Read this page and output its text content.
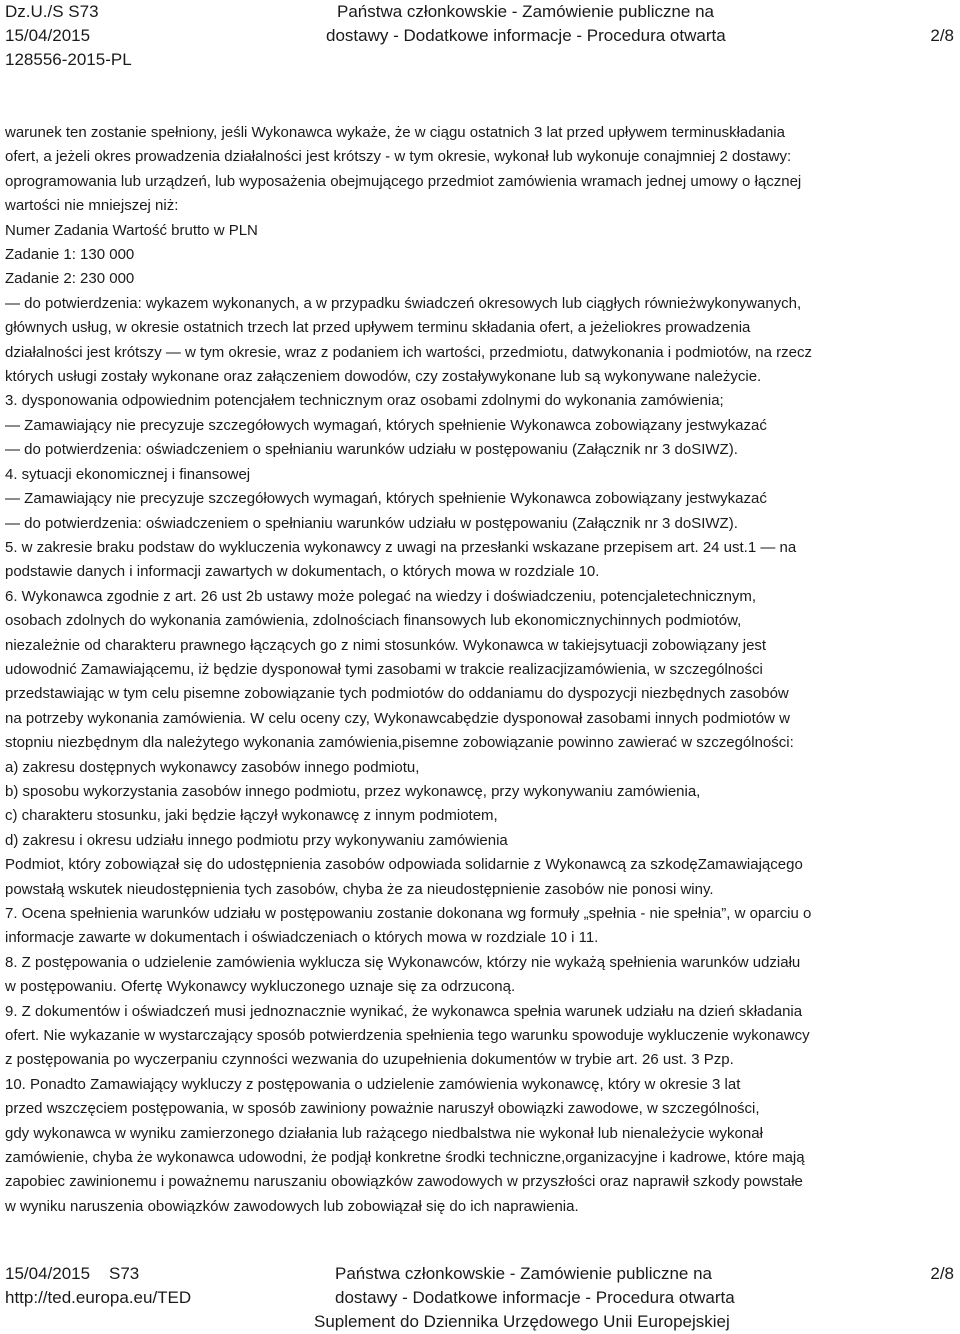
Dz.U./S S73
15/04/2015
128556-2015-PL
Państwa członkowskie - Zamówienie publiczne na
dostawy - Dodatkowe informacje - Procedura otwarta	2/8

warunek ten zostanie spełniony, jeśli Wykonawca wykaże, że w ciągu ostatnich 3 lat przed upływem terminuskładania

ofert, a jeżeli okres prowadzenia działalności jest krótszy - w tym okresie, wykonał lub wykonuje conajmniej 2 dostawy:

oprogramowania lub urządzeń, lub wyposażenia obejmującego przedmiot zamówienia wramach jednej umowy o łącznej

wartości nie mniejszej niż:

Numer Zadania Wartość brutto w PLN

Zadanie 1: 130 000

Zadanie 2: 230 000

— do potwierdzenia: wykazem wykonanych, a w przypadku świadczeń okresowych lub ciągłych równieżwykonywanych,

głównych usług, w okresie ostatnich trzech lat przed upływem terminu składania ofert, a jeżeliokres prowadzenia

działalności jest krótszy — w tym okresie, wraz z podaniem ich wartości, przedmiotu, datwykonania i podmiotów, na rzecz

których usługi zostały wykonane oraz załączeniem dowodów, czy zostaływykonane lub są wykonywane należycie.

3. dysponowania odpowiednim potencjałem technicznym oraz osobami zdolnymi do wykonania zamówienia;

— Zamawiający nie precyzuje szczegółowych wymagań, których spełnienie Wykonawca zobowiązany jestwykazać

— do potwierdzenia: oświadczeniem o spełnianiu warunków udziału w postępowaniu (Załącznik nr 3 doSIWZ).

4. sytuacji ekonomicznej i finansowej

— Zamawiający nie precyzuje szczegółowych wymagań, których spełnienie Wykonawca zobowiązany jestwykazać

— do potwierdzenia: oświadczeniem o spełnianiu warunków udziału w postępowaniu (Załącznik nr 3 doSIWZ).

5. w zakresie braku podstaw do wykluczenia wykonawcy z uwagi na przesłanki wskazane przepisem art. 24 ust.1 — na

podstawie danych i informacji zawartych w dokumentach, o których mowa w rozdziale 10.

6. Wykonawca zgodnie z art. 26 ust 2b ustawy może polegać na wiedzy i doświadczeniu, potencjaletechnicznym,

osobach zdolnych do wykonania zamówienia, zdolnościach finansowych lub ekonomicznychinnych podmiotów,

niezależnie od charakteru prawnego łączących go z nimi stosunków. Wykonawca w takiejsytuacji zobowiązany jest

udowodnić Zamawiającemu, iż będzie dysponował tymi zasobami w trakcie realizacjizamówienia, w szczególności

przedstawiając w tym celu pisemne zobowiązanie tych podmiotów do oddaniamu do dyspozycji niezbędnych zasobów

na potrzeby wykonania zamówienia. W celu oceny czy, Wykonawcabędzie dysponował zasobami innych podmiotów w

stopniu niezbędnym dla należytego wykonania zamówienia,pisemne zobowiązanie powinno zawierać w szczególności:

a) zakresu dostępnych wykonawcy zasobów innego podmiotu,

b) sposobu wykorzystania zasobów innego podmiotu, przez wykonawcę, przy wykonywaniu zamówienia,

c) charakteru stosunku, jaki będzie łączył wykonawcę z innym podmiotem,

d) zakresu i okresu udziału innego podmiotu przy wykonywaniu zamówienia

Podmiot, który zobowiązał się do udostępnienia zasobów odpowiada solidarnie z Wykonawcą za szkodęZamawiającego

powstałą wskutek nieudostępnienia tych zasobów, chyba że za nieudostępnienie zasobów nie ponosi winy.

7. Ocena spełnienia warunków udziału w postępowaniu zostanie dokonana wg formuły „spełnia - nie spełnia”, w oparciu o

informacje zawarte w dokumentach i oświadczeniach o których mowa w rozdziale 10 i 11.

8. Z postępowania o udzielenie zamówienia wyklucza się Wykonawców, którzy nie wykażą spełnienia warunków udziału

w postępowaniu. Ofertę Wykonawcy wykluczonego uznaje się za odrzuconą.

9. Z dokumentów i oświadczeń musi jednoznacznie wynikać, że wykonawca spełnia warunek udziału na dzień składania

ofert. Nie wykazanie w wystarczający sposób potwierdzenia spełnienia tego warunku spowoduje wykluczenie wykonawcy

z postępowania po wyczerpaniu czynności wezwania do uzupełnienia dokumentów w trybie art. 26 ust. 3 Pzp.

10. Ponadto Zamawiający wykluczy z postępowania o udzielenie zamówienia wykonawcę, który w okresie 3 lat

przed wszczęciem postępowania, w sposób zawiniony poważnie naruszył obowiązki zawodowe, w szczególności,

gdy wykonawca w wyniku zamierzonego działania lub rażącego niedbalstwa nie wykonał lub nienależycie wykonał

zamówienie, chyba że wykonawca udowodni, że podjął konkretne środki techniczne,organizacyjne i kadrowe, które mają

zapobiec zawinionemu i poważnemu naruszaniu obowiązków zawodowych w przyszłości oraz naprawił szkody powstałe

w wyniku naruszenia obowiązków zawodowych lub zobowiązał się do ich naprawienia.

15/04/2015    S73
http://ted.europa.eu/TED
Państwa członkowskie - Zamówienie publiczne na
dostawy - Dodatkowe informacje - Procedura otwarta
Suplement do Dziennika Urzędowego Unii Europejskiej
2/8
